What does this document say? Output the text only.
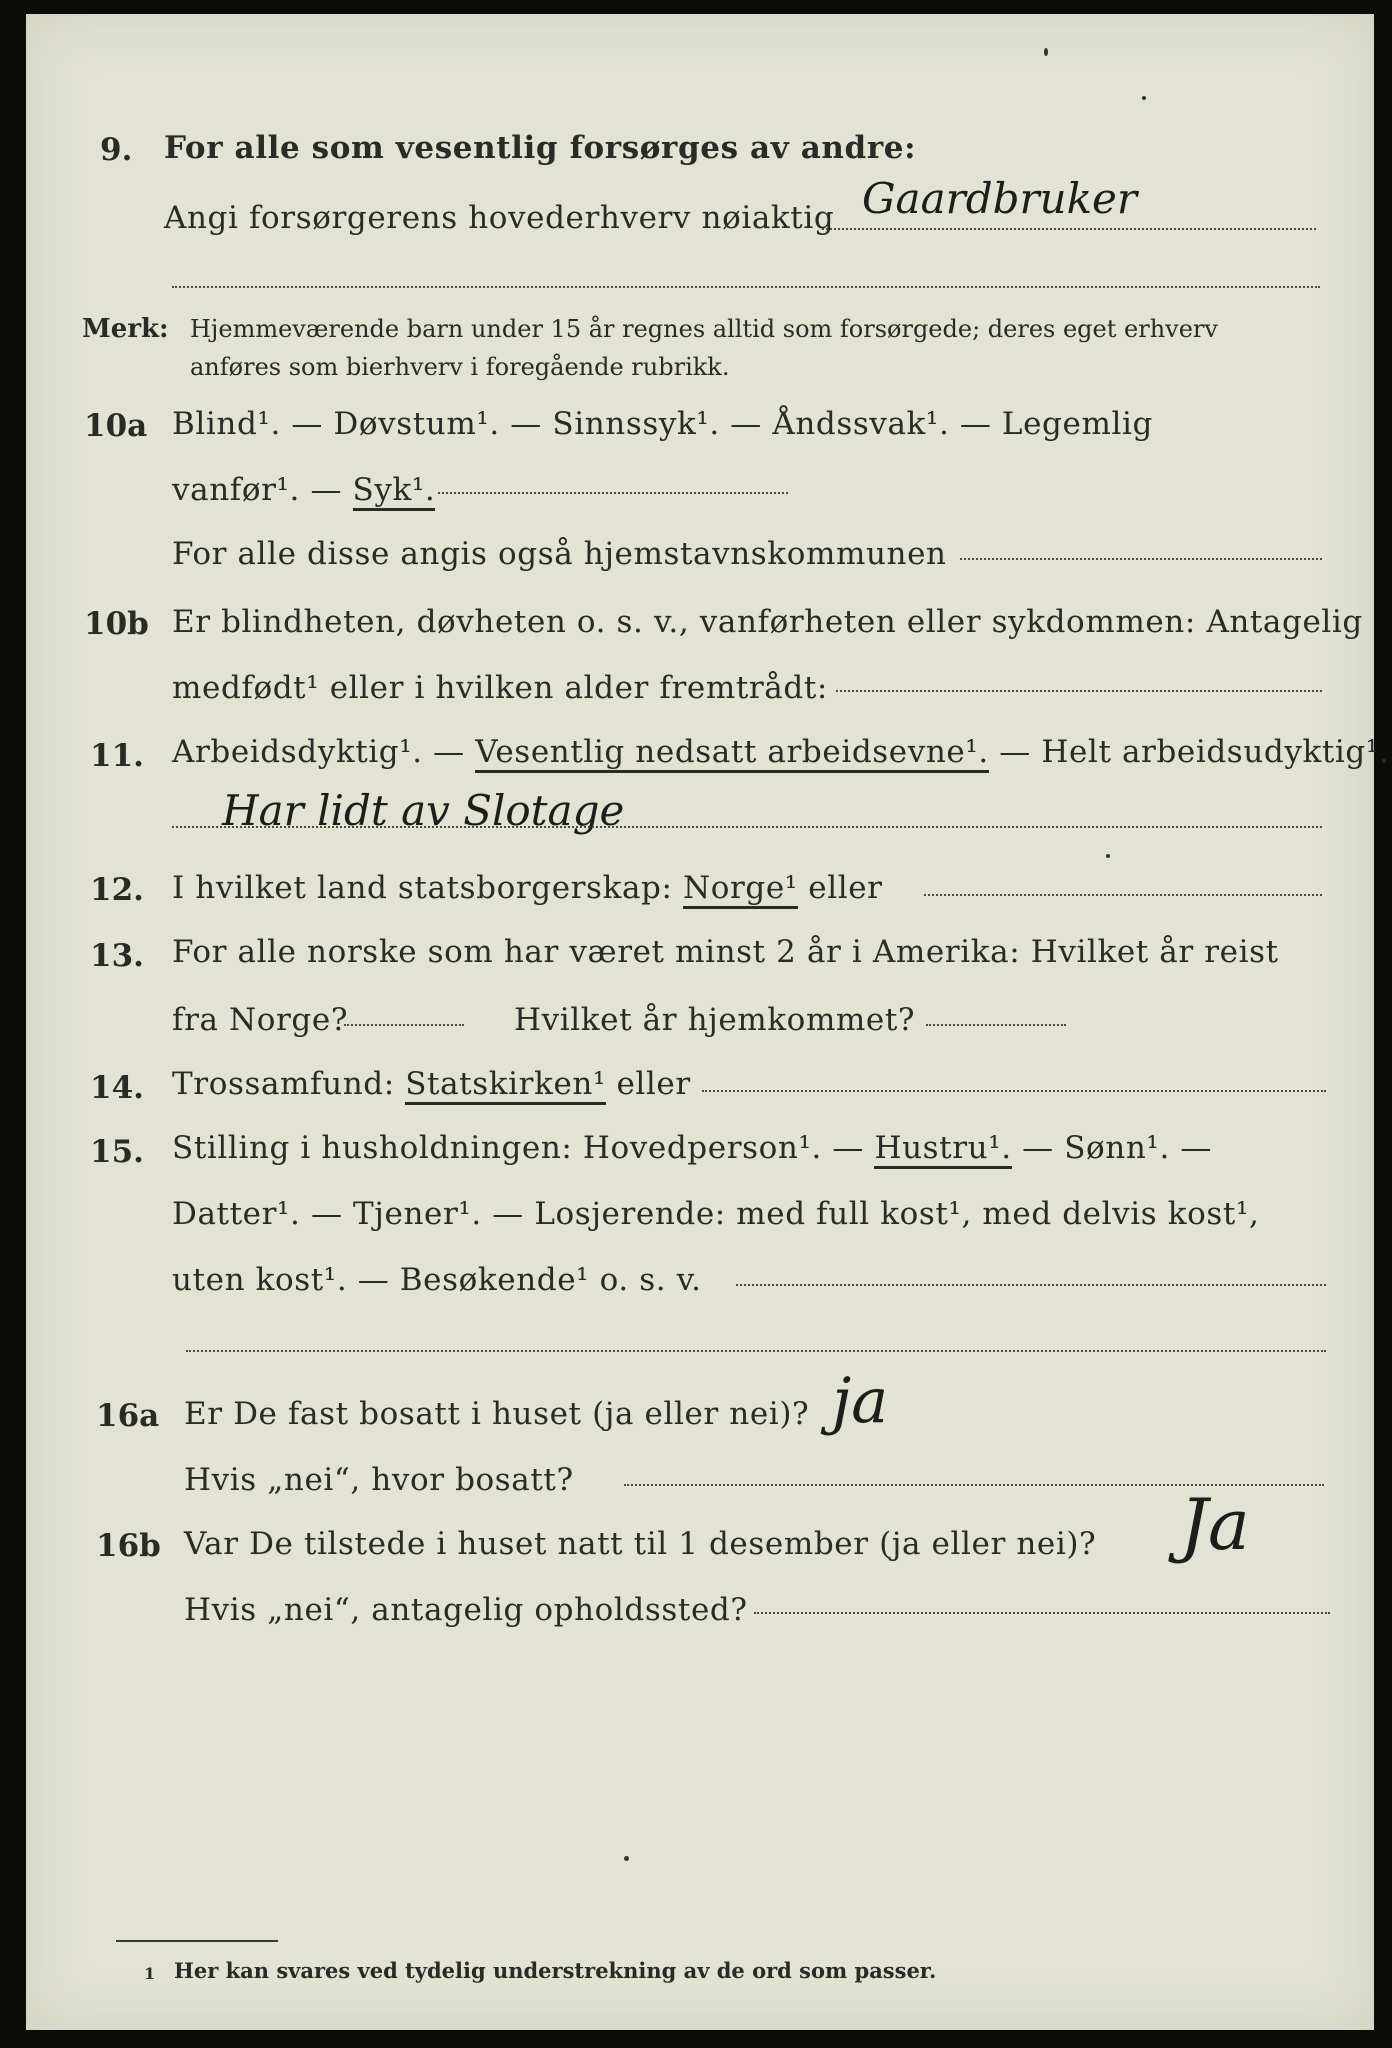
9. For alle som vesentlig forsørges av andre:
Angi forsørgerens hovederhverv nøiaktig Gaardbruker
Merk: Hjemmeværende barn under 15 år regnes alltid som forsørgede; deres eget erhverv
anføres som bierhverv i foregående rubrikk.
10a Blind¹. — Døvstum¹. — Sinnssyk¹. — Åndssvak¹. — Legemlig
vanfør¹. — Syk¹.
For alle disse angis også hjemstavnskommunen
10b Er blindheten, døvheten o. s. v., vanførheten eller sykdommen: Antagelig
medfødt¹ eller i hvilken alder fremtrådt:
11. Arbeidsdyktig¹. — Vesentlig nedsatt arbeidsevne¹. — Helt arbeidsudyktig¹.
Har lidt av Slotage
12. I hvilket land statsborgerskap: Norge¹ eller
13. For alle norske som har været minst 2 år i Amerika: Hvilket år reist
fra Norge?	Hvilket år hjemkommet?
14. Trossamfund: Statskirken¹ eller
15. Stilling i husholdningen: Hovedperson¹. — Hustru¹. — Sønn¹. —
Datter¹. — Tjener¹. — Losjerende: med full kost¹, med delvis kost¹,
uten kost¹. — Besøkende¹ o. s. v.
16a Er De fast bosatt i huset (ja eller nei)? ja
Hvis „nei“, hvor bosatt?
16b Var De tilstede i huset natt til 1 desember (ja eller nei)? Ja
Hvis „nei“, antagelig opholdssted?
1 Her kan svares ved tydelig understrekning av de ord som passer.
